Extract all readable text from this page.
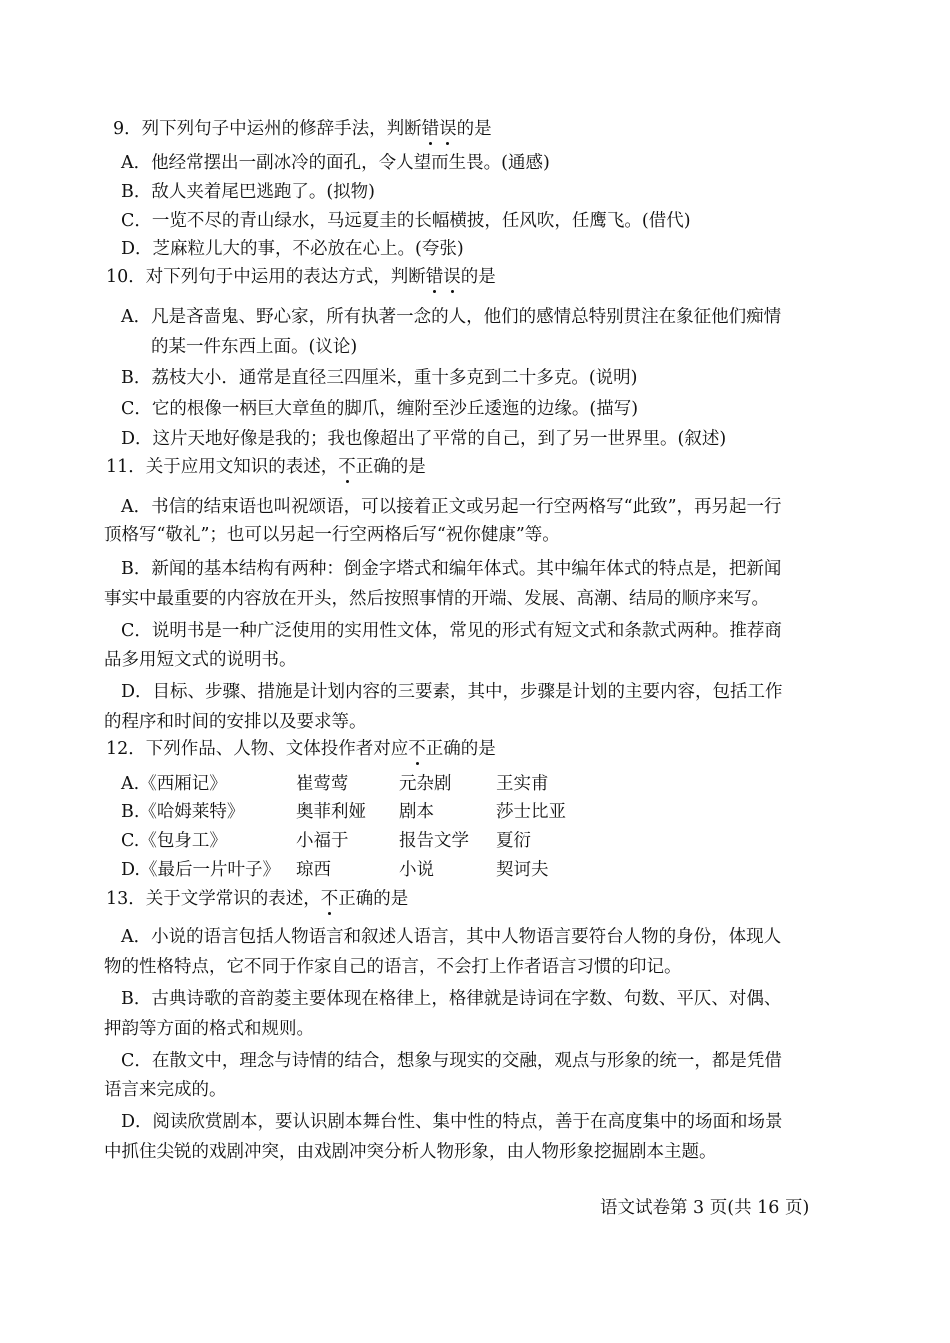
9．列下列句子中运州的修辞手法，判断错误的是
A．他经常摆出一副冰冷的面孔，令人望而生畏。(通感)
B．敌人夹着尾巴逃跑了。(拟物)
C．一览不尽的青山绿水，马远夏圭的长幅横披，任风吹，任鹰飞。(借代)
D．芝麻粒儿大的事，不必放在心上。(夸张)
10．对下列句于中运用的表达方式，判断错误的是
A．凡是吝啬鬼、野心家，所有执著一念的人，他们的感情总特别贯注在象征他们痴情
的某一件东西上面。(议论)
B．荔枝大小．通常是直径三四厘米，重十多克到二十多克。(说明)
C．它的根像一柄巨大章鱼的脚爪，缠附至沙丘逶迤的边缘。(描写)
D．这片天地好像是我的；我也像超出了平常的自己，到了另一世界里。(叙述)
11．关于应用文知识的表述，不正确的是
A．书信的结束语也叫祝颂语，可以接着正文或另起一行空两格写“此致”，再另起一行
顶格写“敬礼”；也可以另起一行空两格后写“祝你健康”等。
B．新闻的基本结构有两种：倒金字塔式和编年体式。其中编年体式的特点是，把新闻
事实中最重要的内容放在开头，然后按照事情的开端、发展、高潮、结局的顺序来写。
C．说明书是一种广泛使用的实用性文体，常见的形式有短文式和条款式两种。推荐商
品多用短文式的说明书。
D．目标、步骤、措施是计划内容的三要素，其中，步骤是计划的主要内容，包括工作
的程序和时间的安排以及要求等。
12．下列作品、人物、文体投作者对应不正确的是
A.《西厢记》	崔莺莺	元杂剧	王实甫
B.《哈姆莱特》	奥菲利娅 剧本	莎士比亚
C.《包身工》	小福于	报告文学 夏衍
D.《最后一片叶子》 琼西	小说	契诃夫
13．关于文学常识的表述，不正确的是
A．小说的语言包括人物语言和叙述人语言，其中人物语言要符台人物的身份，体现人
物的性格特点，它不同于作家自己的语言，不会打上作者语言习惯的印记。
B．古典诗歌的音韵菱主要体现在格律上，格律就是诗词在字数、句数、平仄、对偶、
押韵等方面的格式和规则。
C．在散文中，理念与诗情的结合，想象与现实的交融，观点与形象的统一，都是凭借
语言来完成的。
D．阅读欣赏剧本，要认识剧本舞台性、集中性的特点，善于在高度集中的场面和场景
中抓住尖锐的戏剧冲突，由戏剧冲突分析人物形象，由人物形象挖掘剧本主题。
语文试卷第 3 页(共 16 页)
